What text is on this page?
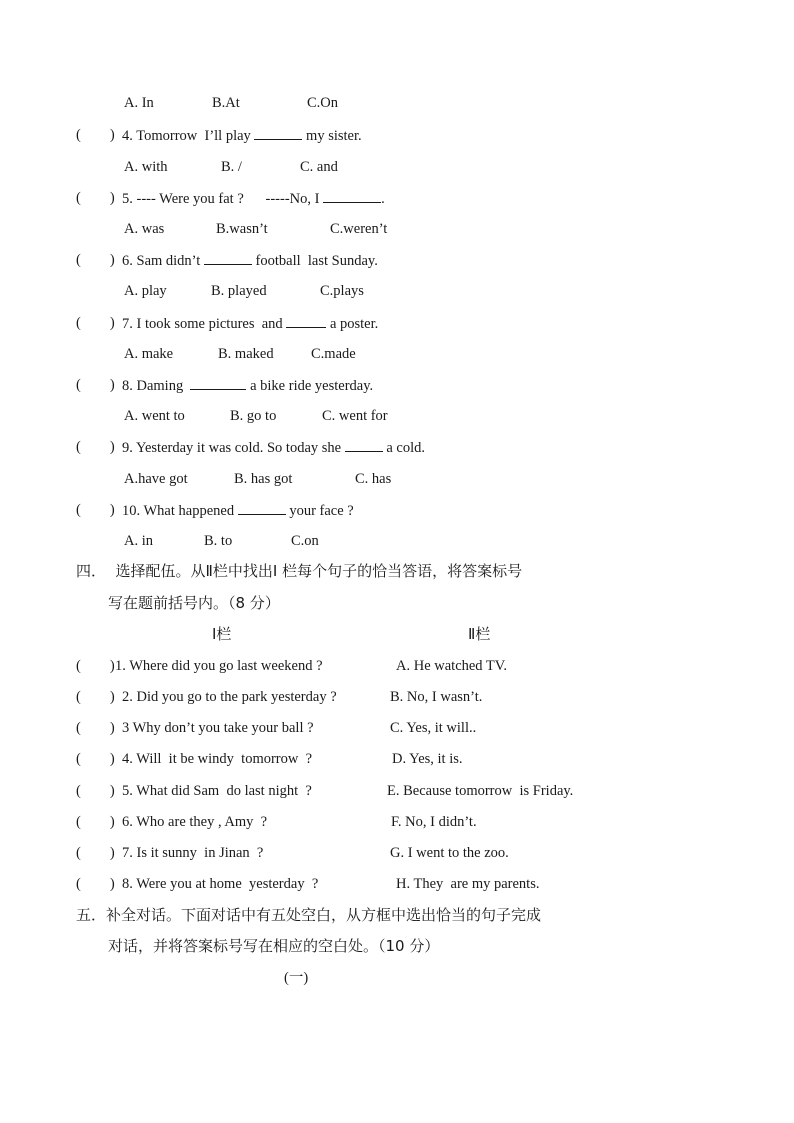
A. In	B.At	C.On
(        ) 4. Tomorrow  I’ll play	my sister.
A. with	B. /	C. and
(        ) 5. ---- Were you fat ?      -----No, I	.
A. was	B.wasn’t	C.weren’t
(        ) 6. Sam didn’t	football  last Sunday.
A. play	B. played	C.plays
(        ) 7. I took some pictures  and	a poster.
A. make	B. maked	C.made
(        ) 8. Daming	a bike ride yesterday.
A. went to	B. go to	C. went for
(        ) 9. Yesterday it was cold. So today she	a cold.
A.have got	B. has got	C. has
(        ) 10. What happened	your face ?
A. in	B. to	C.on
四．  选择配伍。从Ⅱ栏中找出Ⅰ 栏每个句子的恰当答语，将答案标号
写在题前括号内。（8 分）
Ⅰ栏	Ⅱ栏
(        ) 1. Where did you go last weekend ?	A. He watched TV.
(        ) 2. Did you go to the park yesterday ?	B. No, I wasn’t.
(        ) 3 Why don’t you take your ball ?	C. Yes, it will..
(        ) 4. Will  it be windy  tomorrow  ?	D. Yes, it is.
(        ) 5. What did Sam  do last night  ?	E. Because tomorrow  is Friday.
(        ) 6. Who are they , Amy  ?	F. No, I didn’t.
(        ) 7. Is it sunny  in Jinan  ?	G. I went to the zoo.
(        ) 8. Were you at home  yesterday  ?	H. They  are my parents.
五．补全对话。下面对话中有五处空白，从方框中选出恰当的句子完成
对话，并将答案标号写在相应的空白处。（10 分）
(一)
